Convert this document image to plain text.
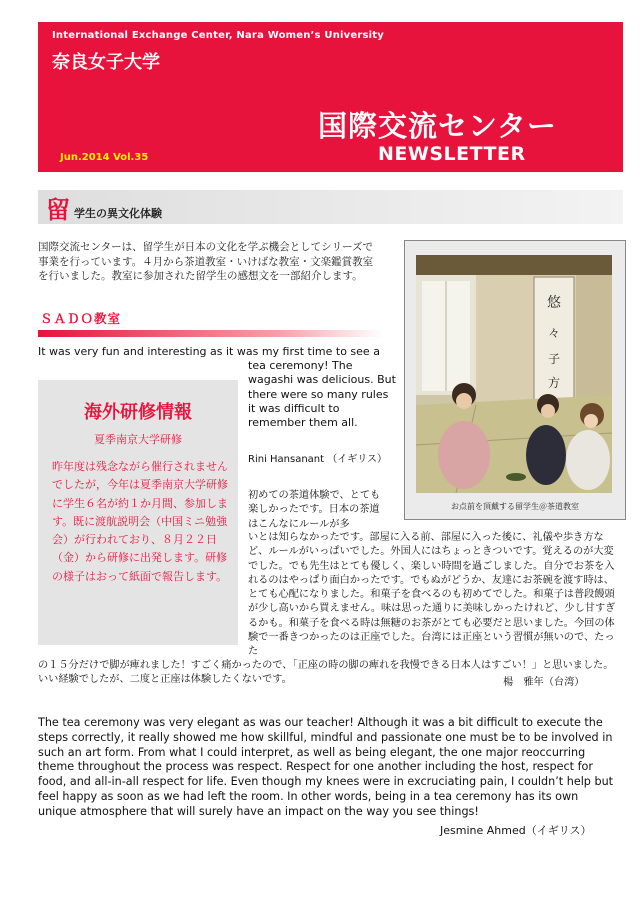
International Exchange Center, Nara Women’s University
奈良女子大学
国際交流センター
Jun.2014 Vol.35	NEWSLETTER
留 学生の異文化体験
国際交流センターは、留学生が日本の文化を学ぶ機会としてシリーズで事業を行っています。４月から茶道教室・いけばな教室・文楽鑑賞教室を行いました。教室に参加された留学生の感想文を一部紹介します。
ＳＡＤＯ教室
悠
々
子
方
お点前を頂戴する留学生＠茶道教室
It was very fun and interesting as it was my first time to see a
tea ceremony! The wagashi was delicious. But there were so many rules it was difficult to remember them all.
Rini Hansanant （イギリス）
海外研修情報
夏季南京大学研修
昨年度は残念ながら催行されませんでしたが，今年は夏季南京大学研修に学生６名が約１か月間、参加します。既に渡航説明会（中国ミニ勉強会）が行われており、８月２２日（金）から研修に出発します。研修の様子はおって紙面で報告します。
初めての茶道体験で、とても楽しかったです。日本の茶道はこんなにルールが多
いとは知らなかったです。部屋に入る前、部屋に入った後に、礼儀や歩き方など、ルールがいっぱいでした。外国人にはちょっときついです。覚えるのが大変でした。でも先生はとても優しく、楽しい時間を過ごしました。自分でお茶を入れるのはやっぱり面白かったです。でもぬがどうか、友達にお茶碗を渡す時は、とても心配になりました。和菓子を食べるのも初めてでした。和菓子は普段饅頭が少し高いから買えません。味は思った通りに美味しかったけれど、少し甘すぎるかも。和菓子を食べる時は無糖のお茶がとても必要だと思いました。今回の体験で一番きつかったのは正座でした。台湾には正座という習慣が無いので、たった
の１５分だけで脚が痺れました！すごく痛かったので、「正座の時の脚の痺れを我慢できる日本人はすごい！」と思いました。いい経験でしたが、二度と正座は体験したくないです。	楊　雅年（台湾）
The tea ceremony was very elegant as was our teacher! Although it was a bit difficult to execute the steps correctly, it really showed me how skillful, mindful and passionate one must be to be involved in such an art form. From what I could interpret, as well as being elegant, the one major reoccurring theme throughout the process was respect. Respect for one another including the host, respect for food, and all-in-all respect for life. Even though my knees were in excruciating pain, I couldn’t help but feel happy as soon as we had left the room. In other words, being in a tea ceremony has its own unique atmosphere that will surely have an impact on the way you see things!
Jesmine Ahmed（イギリス）
